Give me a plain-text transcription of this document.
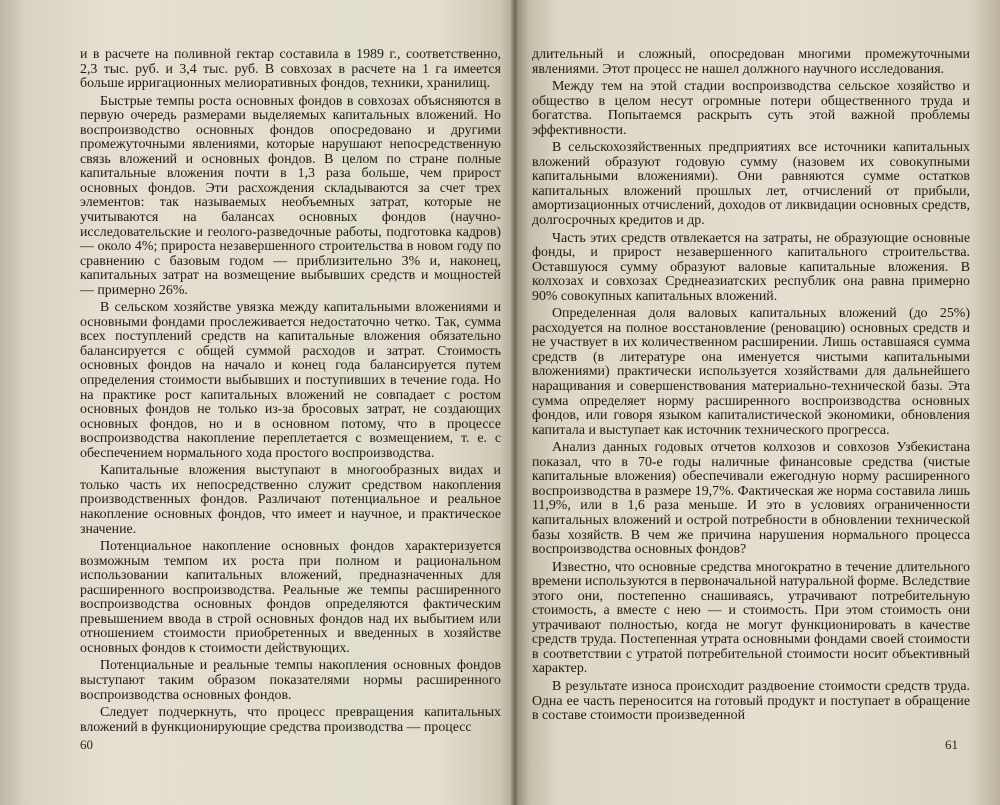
и в расчете на поливной гектар составила в 1989 г., соответственно, 2,3 тыс. руб. и 3,4 тыс. руб. В совхозах в расчете на 1 га имеется больше ирригационных мелиоративных фондов, техники, хранилищ.

Быстрые темпы роста основных фондов в совхозах объясняются в первую очередь размерами выделяемых капитальных вложений. Но воспроизводство основных фондов опосредовано и другими промежуточными явлениями, которые нарушают непосредственную связь вложений и основных фондов. В целом по стране полные капитальные вложения почти в 1,3 раза больше, чем прирост основных фондов. Эти расхождения складываются за счет трех элементов: так называемых необъемных затрат, которые не учитываются на балансах основных фондов (научно-исследовательские и геолого-разведочные работы, подготовка кадров) — около 4%; прироста незавершенного строительства в новом году по сравнению с базовым годом — приблизительно 3% и, наконец, капитальных затрат на возмещение выбывших средств и мощностей — примерно 26%.

В сельском хозяйстве увязка между капитальными вложениями и основными фондами прослеживается недостаточно четко. Так, сумма всех поступлений средств на капитальные вложения обязательно балансируется с общей суммой расходов и затрат. Стоимость основных фондов на начало и конец года балансируется путем определения стоимости выбывших и поступивших в течение года. Но на практике рост капитальных вложений не совпадает с ростом основных фондов не только из-за бросовых затрат, не создающих основных фондов, но и в основном потому, что в процессе воспроизводства накопление переплетается с возмещением, т. е. с обеспечением нормального хода простого воспроизводства.

Капитальные вложения выступают в многообразных видах и только часть их непосредственно служит средством накопления производственных фондов. Различают потенциальное и реальное накопление основных фондов, что имеет и научное, и практическое значение.

Потенциальное накопление основных фондов характеризуется возможным темпом их роста при полном и рациональном использовании капитальных вложений, предназначенных для расширенного воспроизводства. Реальные же темпы расширенного воспроизводства основных фондов определяются фактическим превышением ввода в строй основных фондов над их выбытием или отношением стоимости приобретенных и введенных в хозяйстве основных фондов к стоимости действующих.

Потенциальные и реальные темпы накопления основных фондов выступают таким образом показателями нормы расширенного воспроизводства основных фондов.

Следует подчеркнуть, что процесс превращения капитальных вложений в функционирующие средства производства — процесс

60

длительный и сложный, опосредован многими промежуточными явлениями. Этот процесс не нашел должного научного исследования.

Между тем на этой стадии воспроизводства сельское хозяйство и общество в целом несут огромные потери общественного труда и богатства. Попытаемся раскрыть суть этой важной проблемы эффективности.

В сельскохозяйственных предприятиях все источники капитальных вложений образуют годовую сумму (назовем их совокупными капитальными вложениями). Они равняются сумме остатков капитальных вложений прошлых лет, отчислений от прибыли, амортизационных отчислений, доходов от ликвидации основных средств, долгосрочных кредитов и др.

Часть этих средств отвлекается на затраты, не образующие основные фонды, и прирост незавершенного капитального строительства. Оставшуюся сумму образуют валовые капитальные вложения. В колхозах и совхозах Среднеазиатских республик она равна примерно 90% совокупных капитальных вложений.

Определенная доля валовых капитальных вложений (до 25%) расходуется на полное восстановление (реновацию) основных средств и не участвует в их количественном расширении. Лишь оставшаяся сумма средств (в литературе она именуется чистыми капитальными вложениями) практически используется хозяйствами для дальнейшего наращивания и совершенствования материально-технической базы. Эта сумма определяет норму расширенного воспроизводства основных фондов, или говоря языком капиталистической экономики, обновления капитала и выступает как источник технического прогресса.

Анализ данных годовых отчетов колхозов и совхозов Узбекистана показал, что в 70-е годы наличные финансовые средства (чистые капитальные вложения) обеспечивали ежегодную норму расширенного воспроизводства в размере 19,7%. Фактическая же норма составила лишь 11,9%, или в 1,6 раза меньше. И это в условиях ограниченности капитальных вложений и острой потребности в обновлении технической базы хозяйств. В чем же причина нарушения нормального процесса воспроизводства основных фондов?

Известно, что основные средства многократно в течение длительного времени используются в первоначальной натуральной форме. Вследствие этого они, постепенно снашиваясь, утрачивают потребительную стоимость, а вместе с нею — и стоимость. При этом стоимость они утрачивают полностью, когда не могут функционировать в качестве средств труда. Постепенная утрата основными фондами своей стоимости в соответствии с утратой потребительной стоимости носит объективный характер.

В результате износа происходит раздвоение стоимости средств труда. Одна ее часть переносится на готовый продукт и поступает в обращение в составе стоимости произведенной

61
